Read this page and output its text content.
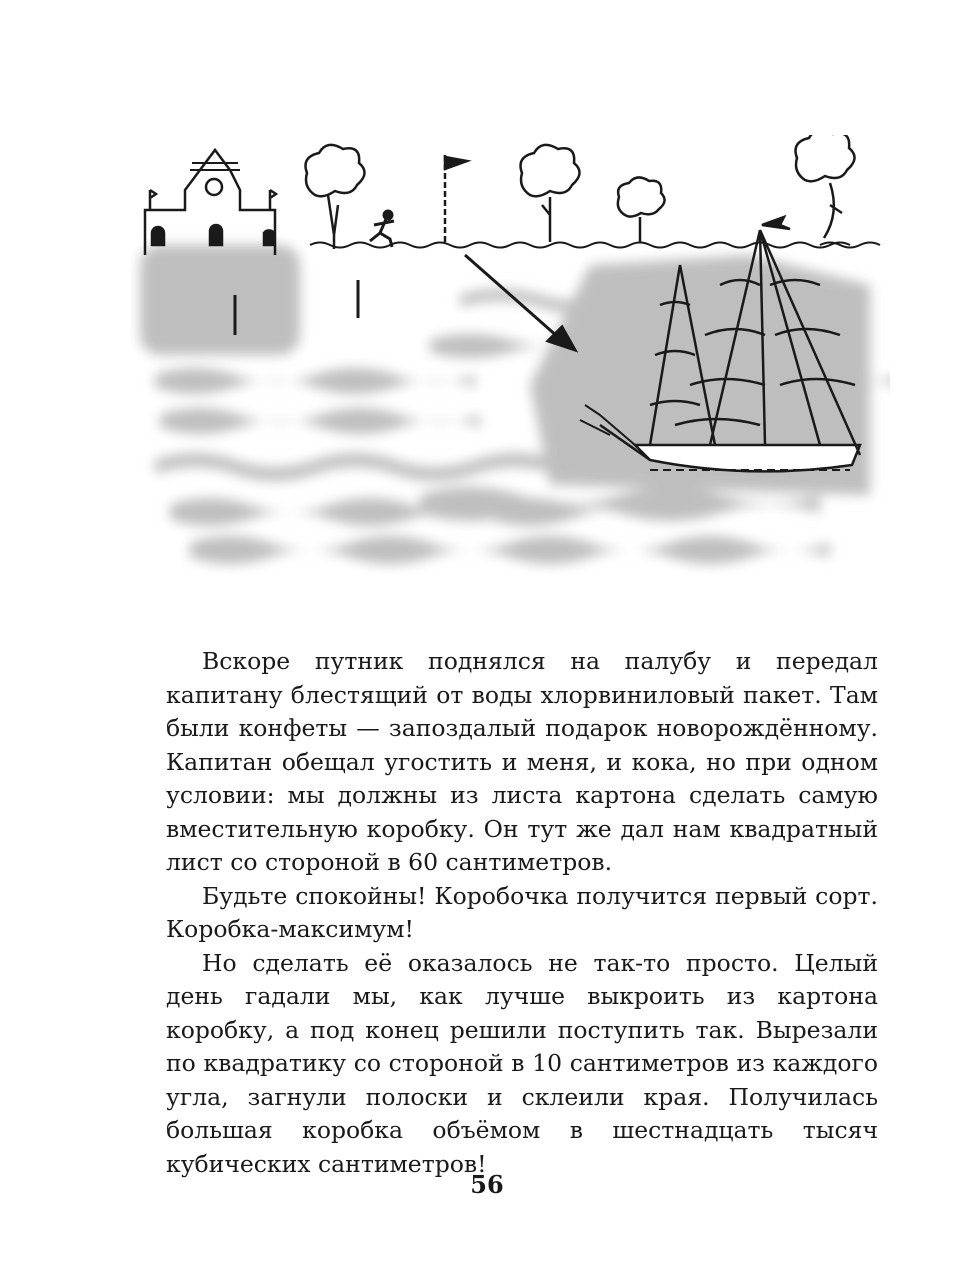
Вскоре путник поднялся на палубу и передал капитану блестящий от воды хлорвиниловый пакет. Там были конфеты — запоздалый подарок новорождённому. Капитан обещал угостить и меня, и кока, но при одном условии: мы должны из листа картона сделать самую вместительную коробку. Он тут же дал нам квадратный лист со стороной в 60 сантиметров.

Будьте спокойны! Коробочка получится первый сорт. Коробка-максимум!

Но сделать её оказалось не так-то просто. Целый день гадали мы, как лучше выкроить из картона коробку, а под конец решили поступить так. Вырезали по квадратику со стороной в 10 сантиметров из каждого угла, загнули полоски и склеили края. Получилась большая коробка объёмом в шестнадцать тысяч кубических сантиметров!

56
